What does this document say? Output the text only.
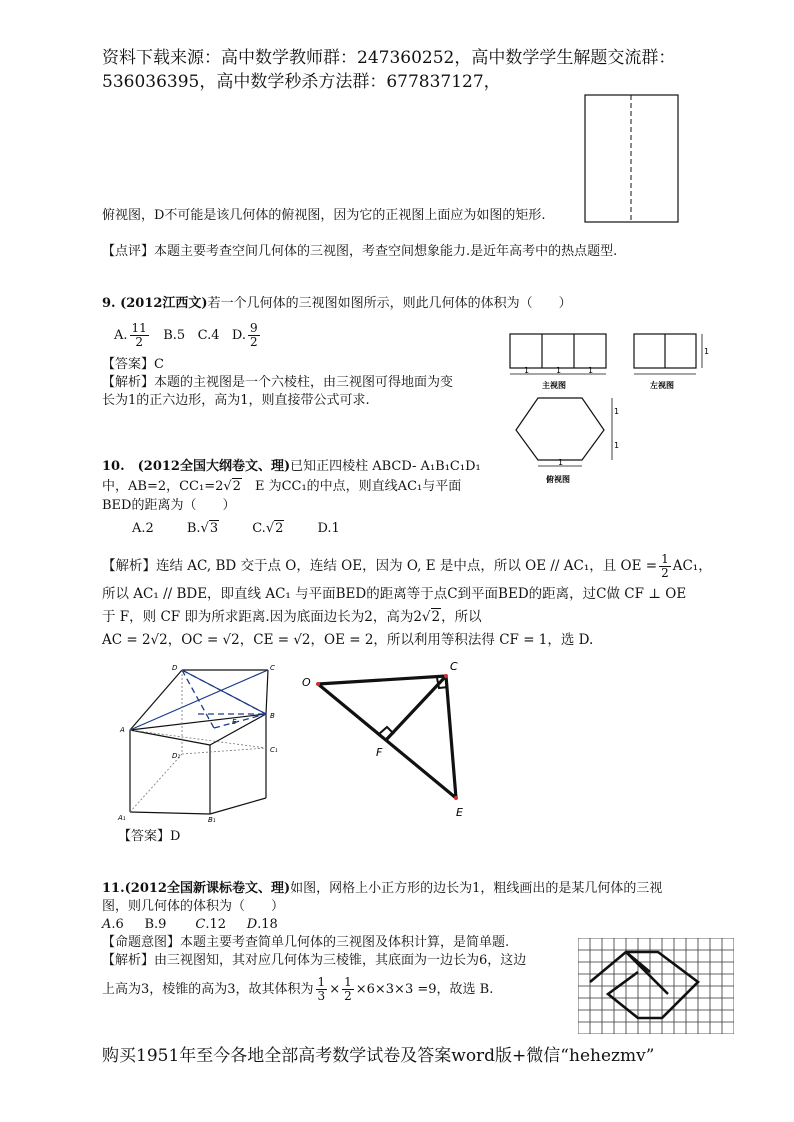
资料下载来源：高中数学教师群：247360252，高中数学学生解题交流群：
536036395，高中数学秒杀方法群：677837127，
俯视图，D不可能是该几何体的俯视图，因为它的正视图上面应为如图的矩形.
【点评】本题主要考查空间几何体的三视图，考查空间想象能力.是近年高考中的热点题型.
9. (2012江西文)若一个几何体的三视图如图所示，则此几何体的体积为（　　）
A. $\frac{11}{2} B.5$ C.4 D. $\frac{9}{2}$
【答案】C
【解析】本题的主视图是一个六棱柱，由三视图可得地面为变
长为1的正六边形，高为1，则直接带公式可求.
1	1	1
主视图
1
左视图
1
1
1
俯视图
10.　(2012全国大纲卷文、理)已知正四棱柱 ABCD- A₁B₁C₁D₁
中，AB=2，CC₁=2√2　E 为CC₁的中点，则直线AC₁与平面
BED的距离为（　　）
A.2	B.√3	C.√2	D.1
【解析】连结 AC, BD 交于点 O，连结 OE，因为 O, E 是中点，所以 OE // AC₁，且 OE = $\frac{1}{2} AC_1$，
所以 AC₁ // BDE，即直线 AC₁ 与平面BED的距离等于点C到平面BED的距离，过C做 CF ⊥ OE
于 F，则 CF 即为所求距离.因为底面边长为2，高为2√2，所以
AC = 2√2，OC = √2，CE = √2，OE = 2，所以利用等积法得 CF = 1，选 D.
D	C
A
B
E
D₁
C₁
A₁	B₁
O
C
F
E
【答案】D
11.(2012全国新课标卷文、理)如图，网格上小正方形的边长为1，粗线画出的是某几何体的三视
图，则几何体的体积为（　　）
A.6 B.9 C.12 D.18
【命题意图】本题主要考查简单几何体的三视图及体积计算，是简单题.
【解析】由三视图知，其对应几何体为三棱锥，其底面为一边长为6，这边
上高为3，棱锥的高为3，故其体积为 $\frac{1}{3} \times \frac{1}{2} \times 6\times 3\times 3 =9$，故选 B.
购买1951年至今各地全部高考数学试卷及答案word版+微信“hehezmv”
